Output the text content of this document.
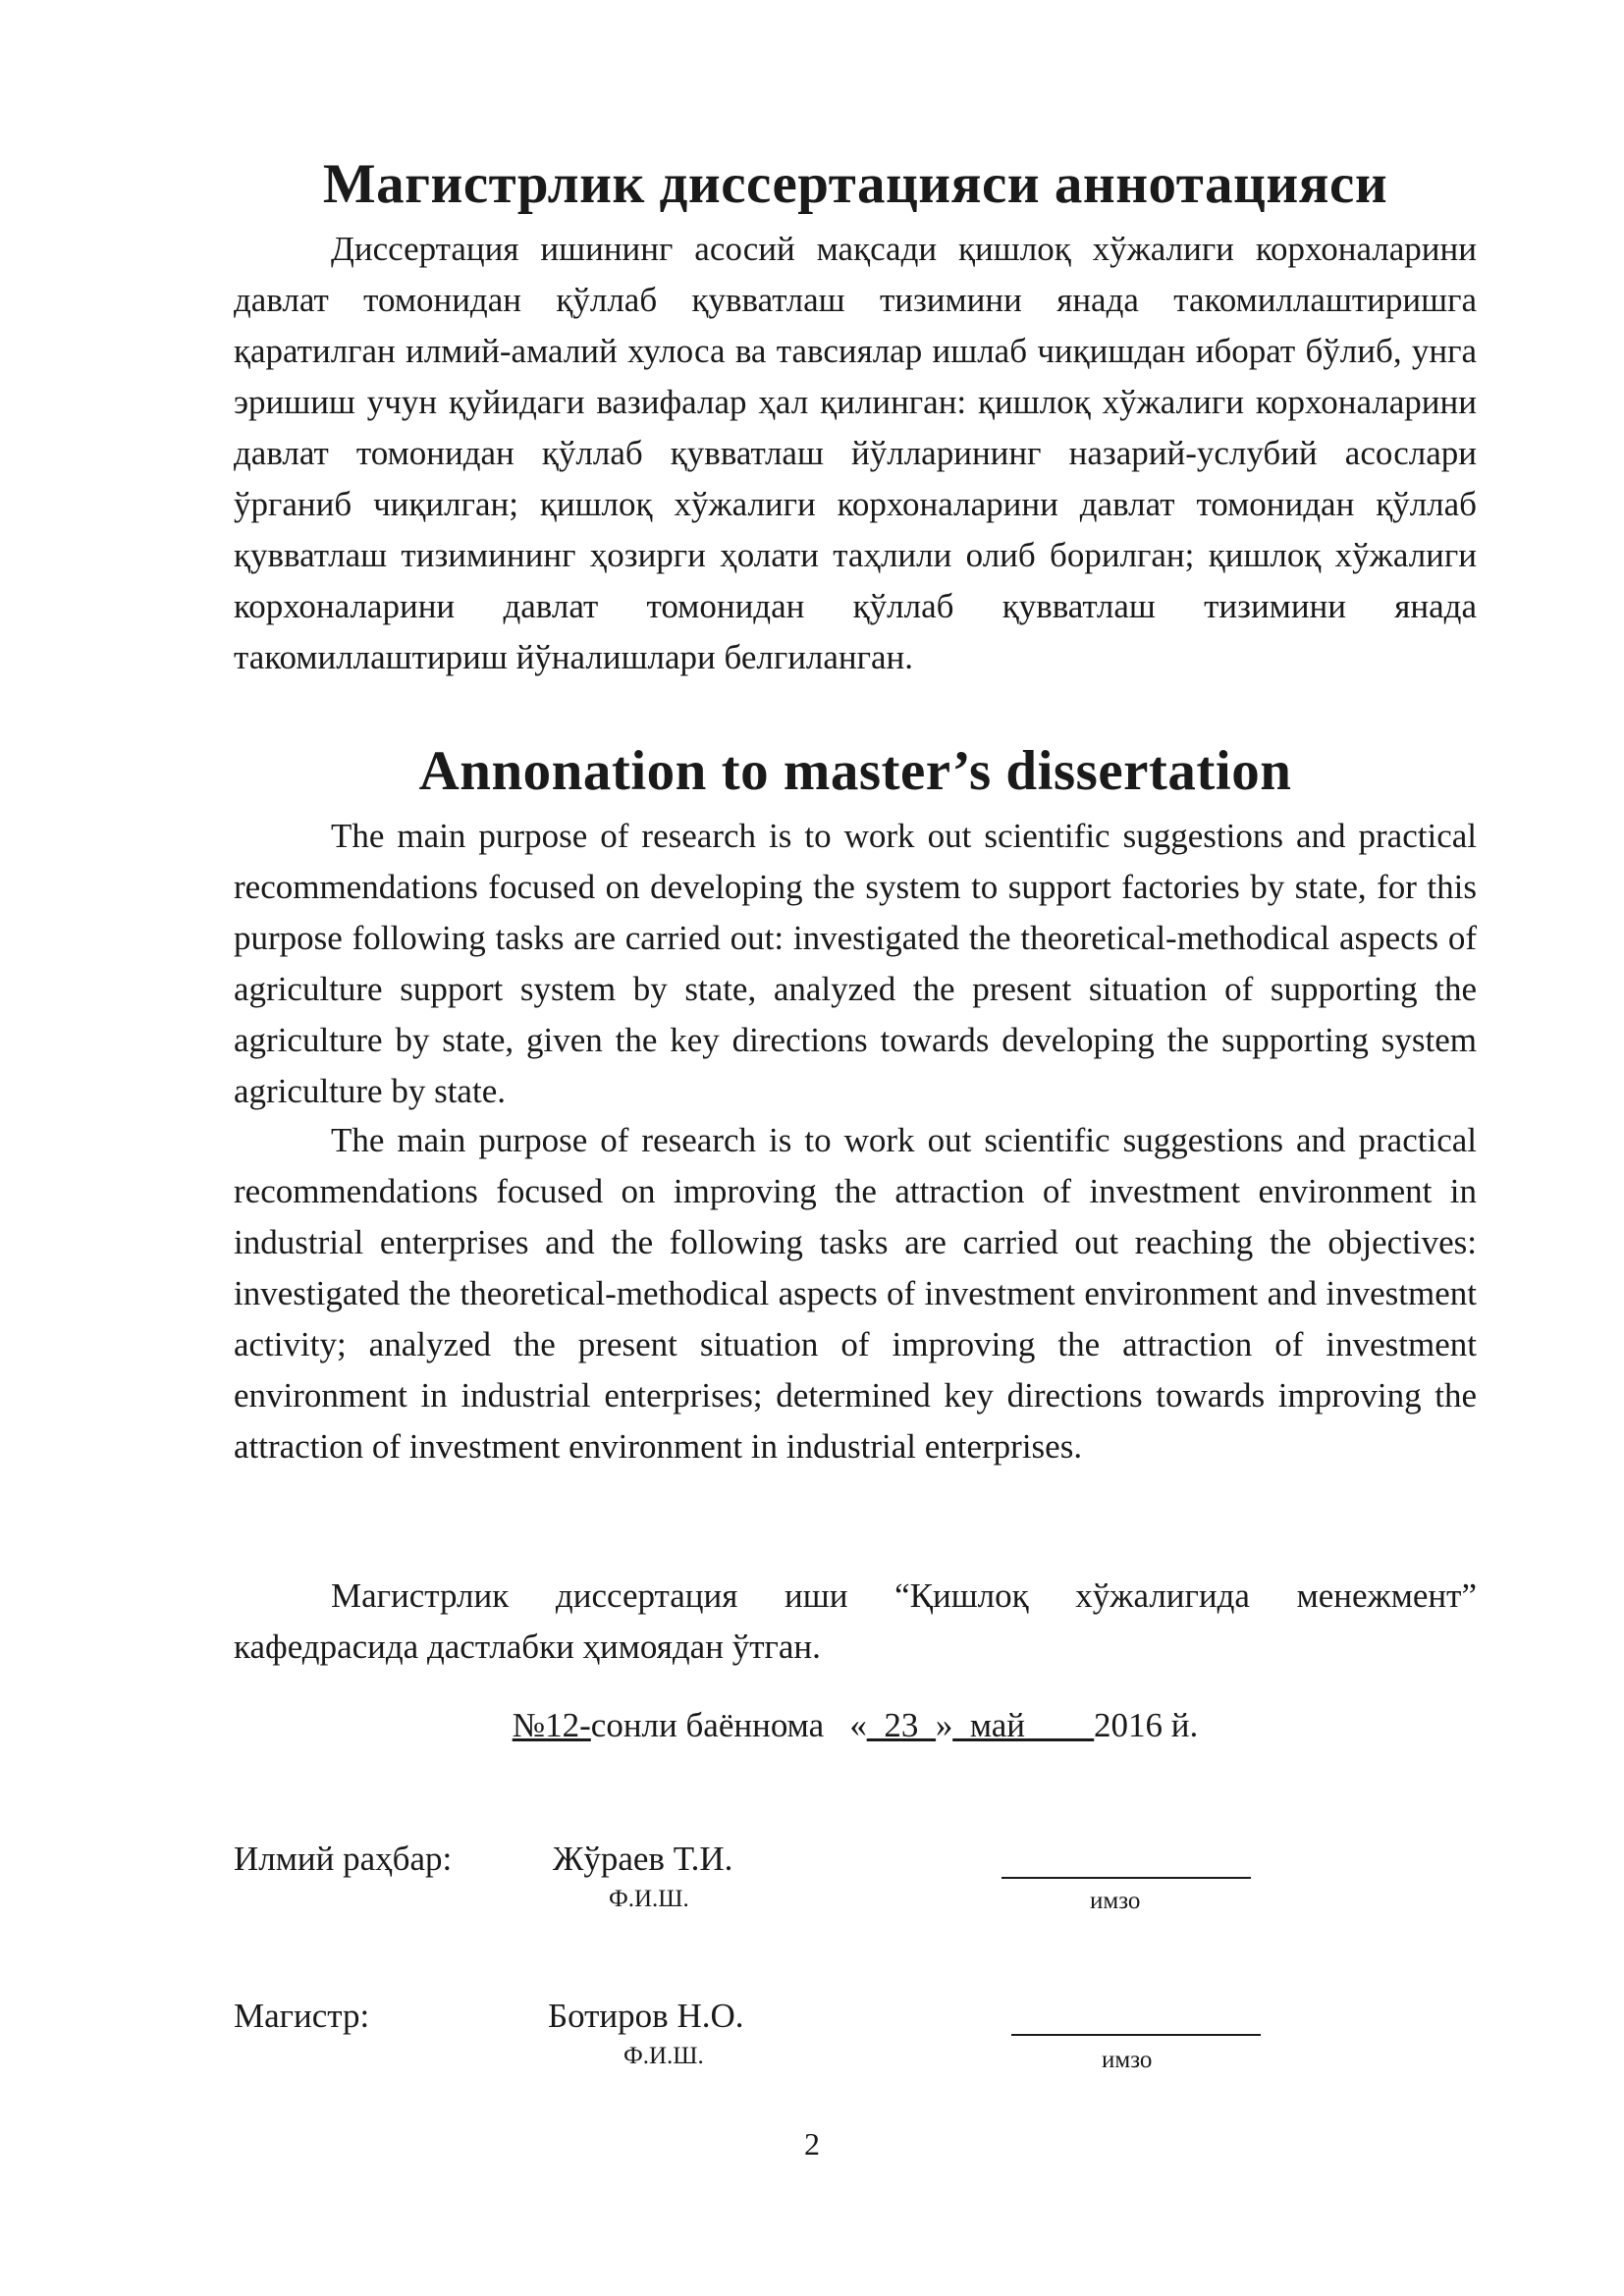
Магистрлик диссертацияси аннотацияси

Диссертация ишининг асосий мақсади қишлоқ хўжалиги корхоналарини давлат томонидан қўллаб қувватлаш тизимини янада такомиллаштиришга қаратилган илмий-амалий хулоса ва тавсиялар ишлаб чиқишдан иборат бўлиб, унга эришиш учун қуйидаги вазифалар ҳал қилинган: қишлоқ хўжалиги корхоналарини давлат томонидан қўллаб қувватлаш йўлларининг назарий-услубий асослари ўрганиб чиқилган; қишлоқ хўжалиги корхоналарини давлат томонидан қўллаб қувватлаш тизимининг ҳозирги ҳолати таҳлили олиб борилган; қишлоқ хўжалиги корхоналарини давлат томонидан қўллаб қувватлаш тизимини янада такомиллаштириш йўналишлари белгиланган.

Annonation to master’s dissertation

The main purpose of research is to work out scientific suggestions and practical recommendations focused on developing the system to support factories by state, for this purpose following tasks are carried out: investigated the theoretical-methodical aspects of agriculture support system by state, analyzed the present situation of supporting the agriculture by state, given the key directions towards developing the supporting system agriculture by state.

The main purpose of research is to work out scientific suggestions and practical recommendations focused on improving the attraction of investment environment in industrial enterprises and the following tasks are carried out reaching the objectives: investigated the theoretical-methodical aspects of investment environment and investment activity; analyzed the present situation of improving the attraction of investment environment in industrial enterprises; determined key directions towards improving the attraction of investment environment in industrial enterprises.

Магистрлик диссертация иши “Қишлоқ хўжалигида менежмент” кафедрасида дастлабки ҳимоядан ўтган.

№12-сонли баённома «_23_»_май____2016 й.
Илмий раҳбар:	Жўраев Т.И.
Ф.И.Ш.	имзо
Магистр:	Ботиров Н.О.
Ф.И.Ш.	имзо
2
